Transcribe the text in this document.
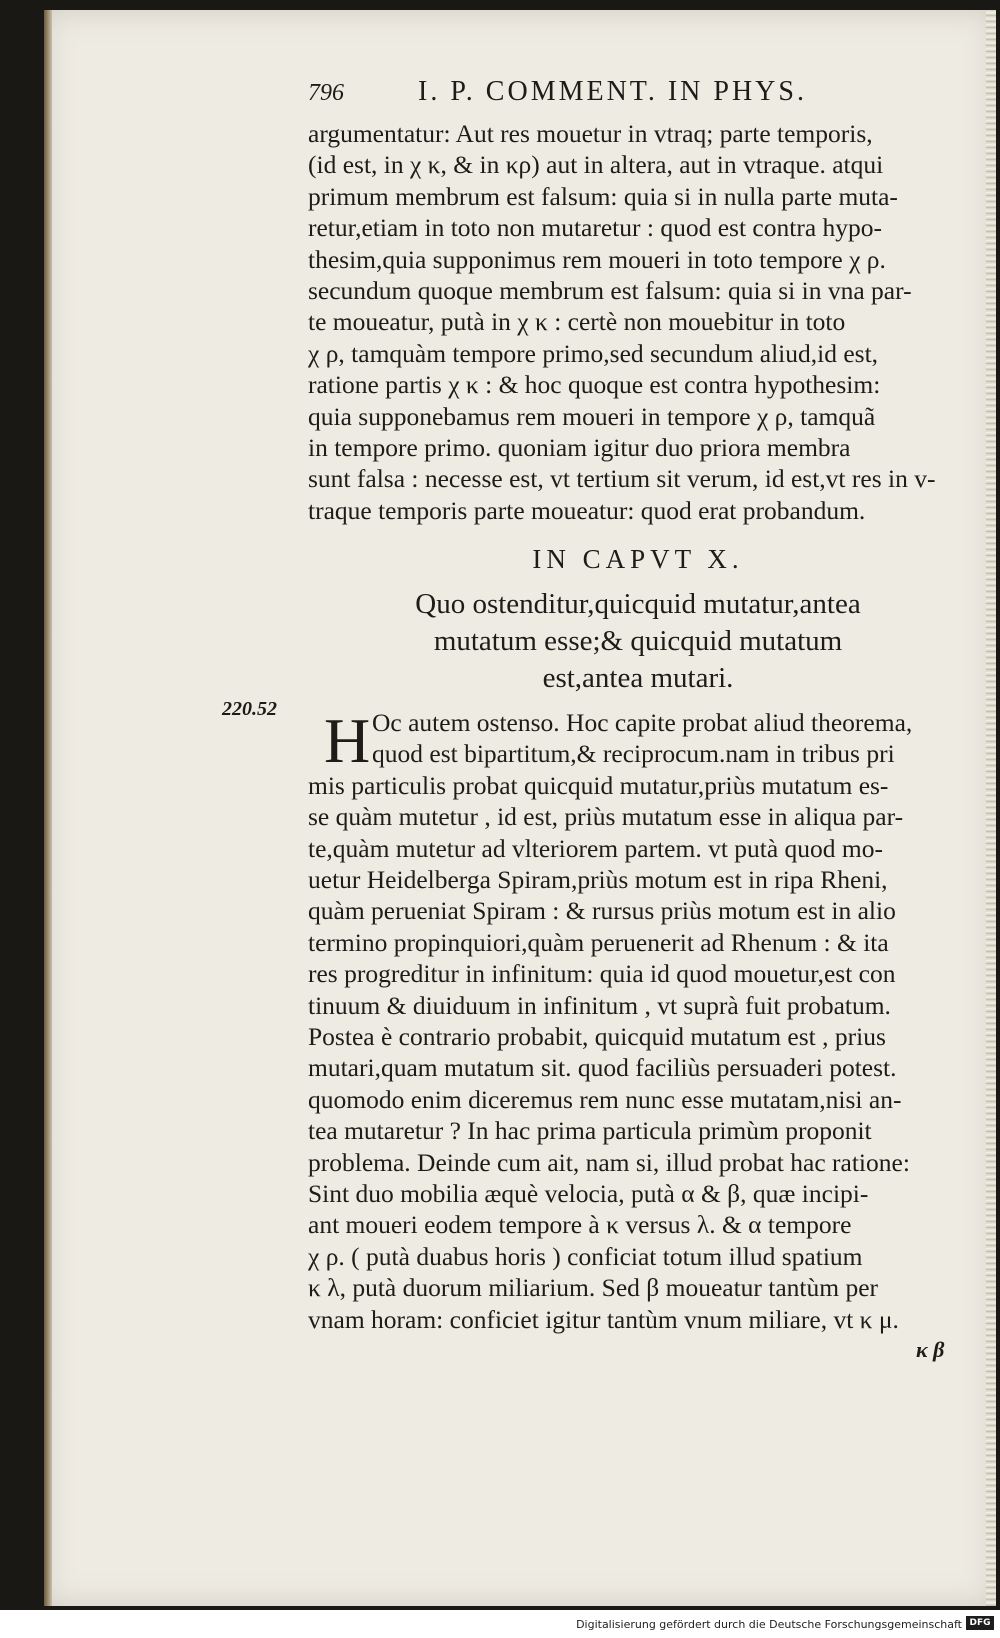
796	I. P. COMMENT. IN PHYS.
argumentatur: Aut res mouetur in vtraq; parte temporis,
(id est, in χ κ, & in κρ) aut in altera, aut in vtraque. atqui
primum membrum est falsum: quia si in nulla parte muta-
retur,etiam in toto non mutaretur : quod est contra hypo-
thesim,quia supponimus rem moueri in toto tempore χ ρ.
secundum quoque membrum est falsum: quia si in vna par-
te moueatur, putà in χ κ : certè non mouebitur in toto
χ ρ, tamquàm tempore primo,sed secundum aliud,id est,
ratione partis χ κ : & hoc quoque est contra hypothesim:
quia supponebamus rem moueri in tempore χ ρ, tamquã
in tempore primo. quoniam igitur duo priora membra
sunt falsa : necesse est, vt tertium sit verum, id est,vt res in v-
traque temporis parte moueatur: quod erat probandum.
IN CAPVT X.
Quo ostenditur,quicquid mutatur,antea
mutatum esse;& quicquid mutatum
est,antea mutari.
H Oc autem ostenso. Hoc capite probat aliud theorema,
quod est bipartitum,& reciprocum.nam in tribus pri
mis particulis probat quicquid mutatur,priùs mutatum es-
se quàm mutetur , id est, priùs mutatum esse in aliqua par-
te,quàm mutetur ad vlteriorem partem. vt putà quod mo-
uetur Heidelberga Spiram,priùs motum est in ripa Rheni,
quàm perueniat Spiram : & rursus priùs motum est in alio
termino propinquiori,quàm peruenerit ad Rhenum : & ita
res progreditur in infinitum: quia id quod mouetur,est con
tinuum & diuiduum in infinitum , vt suprà fuit probatum.
Postea è contrario probabit, quicquid mutatum est , prius
mutari,quam mutatum sit. quod faciliùs persuaderi potest.
quomodo enim diceremus rem nunc esse mutatam,nisi an-
tea mutaretur ? In hac prima particula primùm proponit
problema. Deinde cum ait, nam si, illud probat hac ratione:
Sint duo mobilia æquè velocia, putà α & β, quæ incipi-
ant moueri eodem tempore à κ versus λ. & α tempore
χ ρ. ( putà duabus horis ) conficiat totum illud spatium
κ λ, putà duorum miliarium. Sed β moueatur tantùm per
vnam horam: conficiet igitur tantùm vnum miliare, vt κ μ.
220.52
κ β
Digitalisierung gefördert durch die Deutsche Forschungsgemeinschaft DFG
